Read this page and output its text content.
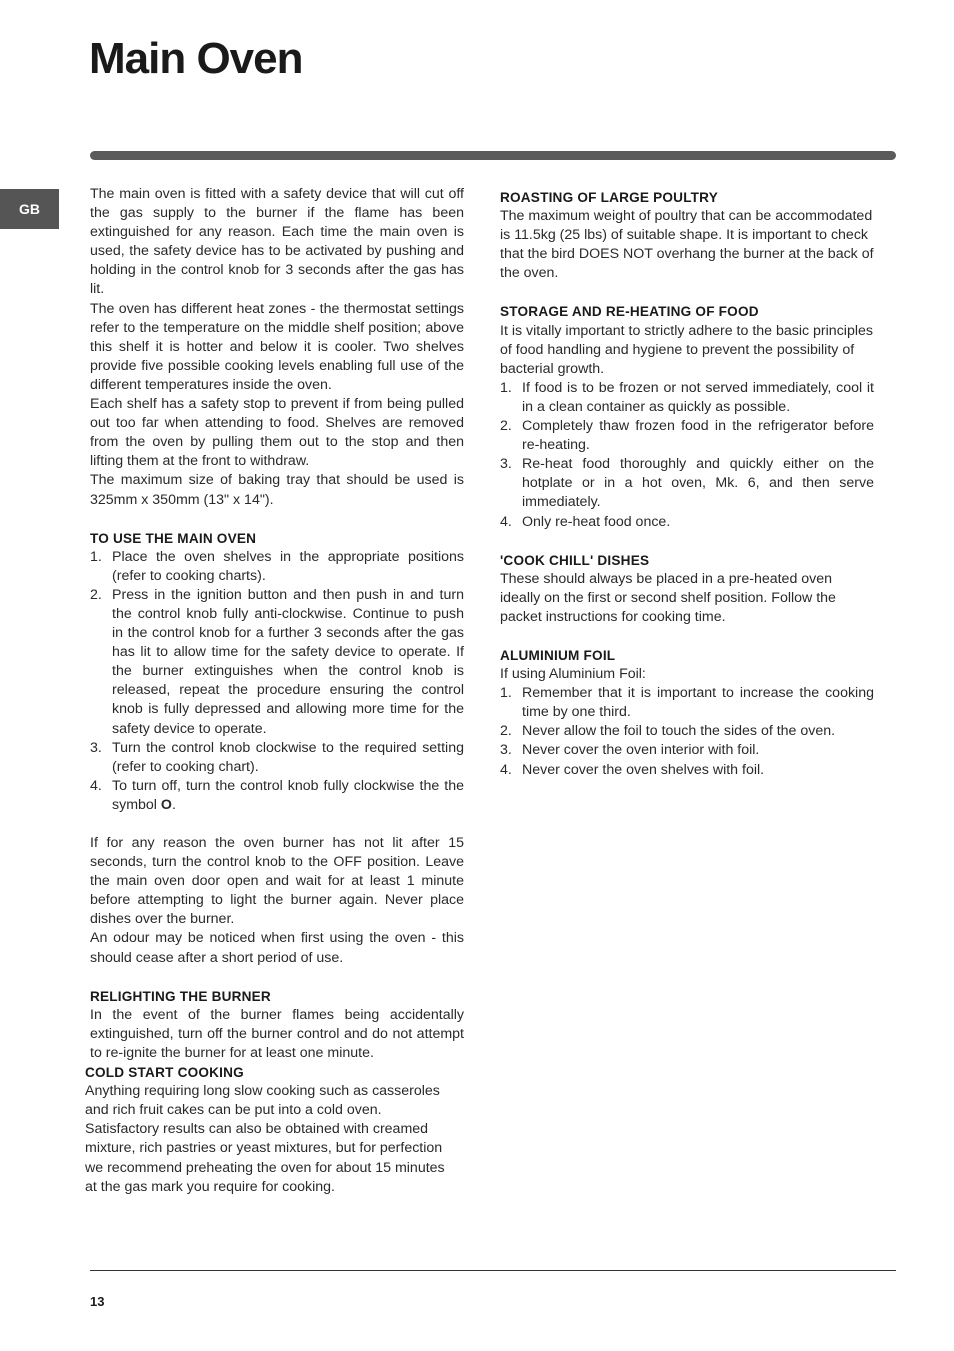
Main Oven
GB

The main oven is fitted with a safety device that will cut off the gas supply to the burner if the flame has been extinguished for any reason. Each time the main oven is used, the safety device has to be activated by pushing and holding in the control knob for 3 seconds after the gas has lit.

The oven has different heat zones - the thermostat settings refer to the temperature on the middle shelf position; above this shelf it is hotter and below it is cooler. Two shelves provide five possible cooking levels enabling full use of the different temperatures inside the oven.

Each shelf has a safety stop to prevent if from being pulled out too far when attending to food. Shelves are removed from the oven by pulling them out to the stop and then lifting them at the front to withdraw.

The maximum size of baking tray that should be used is 325mm x 350mm (13" x 14").

TO USE THE MAIN OVEN

1. Place the oven shelves in the appropriate positions (refer to cooking charts).
2. Press in the ignition button and then push in and turn the control knob fully anti-clockwise. Continue to push in the control knob for a further 3 seconds after the gas has lit to allow time for the safety device to operate. If the burner extinguishes when the control knob is released, repeat the procedure ensuring the control knob is fully depressed and allowing more time for the safety device to operate.
3. Turn the control knob clockwise to the required setting (refer to cooking chart).
4. To turn off, turn the control knob fully clockwise the the symbol O.

If for any reason the oven burner has not lit after 15 seconds, turn the control knob to the OFF position. Leave the main oven door open and wait for at least 1 minute before attempting to light the burner again. Never place dishes over the burner.

An odour may be noticed when first using the oven - this should cease after a short period of use.

RELIGHTING THE BURNER

In the event of the burner flames being accidentally extinguished, turn off the burner control and do not attempt to re-ignite the burner for at least one minute.

COLD START COOKING

Anything requiring long slow cooking such as casseroles and rich fruit cakes can be put into a cold oven. Satisfactory results can also be obtained with creamed mixture, rich pastries or yeast mixtures, but for perfection we recommend preheating the oven for about 15 minutes at the gas mark you require for cooking.

ROASTING OF LARGE POULTRY

The maximum weight of poultry that can be accommodated is 11.5kg (25 lbs) of suitable shape. It is important to check that the bird DOES NOT overhang the burner at the back of the oven.

STORAGE AND RE-HEATING OF FOOD

It is vitally important to strictly adhere to the basic principles of food handling and hygiene to prevent the possibility of bacterial growth.

1. If food is to be frozen or not served immediately, cool it in a clean container as quickly as possible.
2. Completely thaw frozen food in the refrigerator before re-heating.
3. Re-heat food thoroughly and quickly either on the hotplate or in a hot oven, Mk. 6, and then serve immediately.
4. Only re-heat food once.

'COOK CHILL' DISHES

These should always be placed in a pre-heated oven ideally on the first or second shelf position. Follow the packet instructions for cooking time.

ALUMINIUM FOIL

If using Aluminium Foil:

1. Remember that it is important to increase the cooking time by one third.
2. Never allow the foil to touch the sides of the oven.
3. Never cover the oven interior with foil.
4. Never cover the oven shelves with foil.
13
